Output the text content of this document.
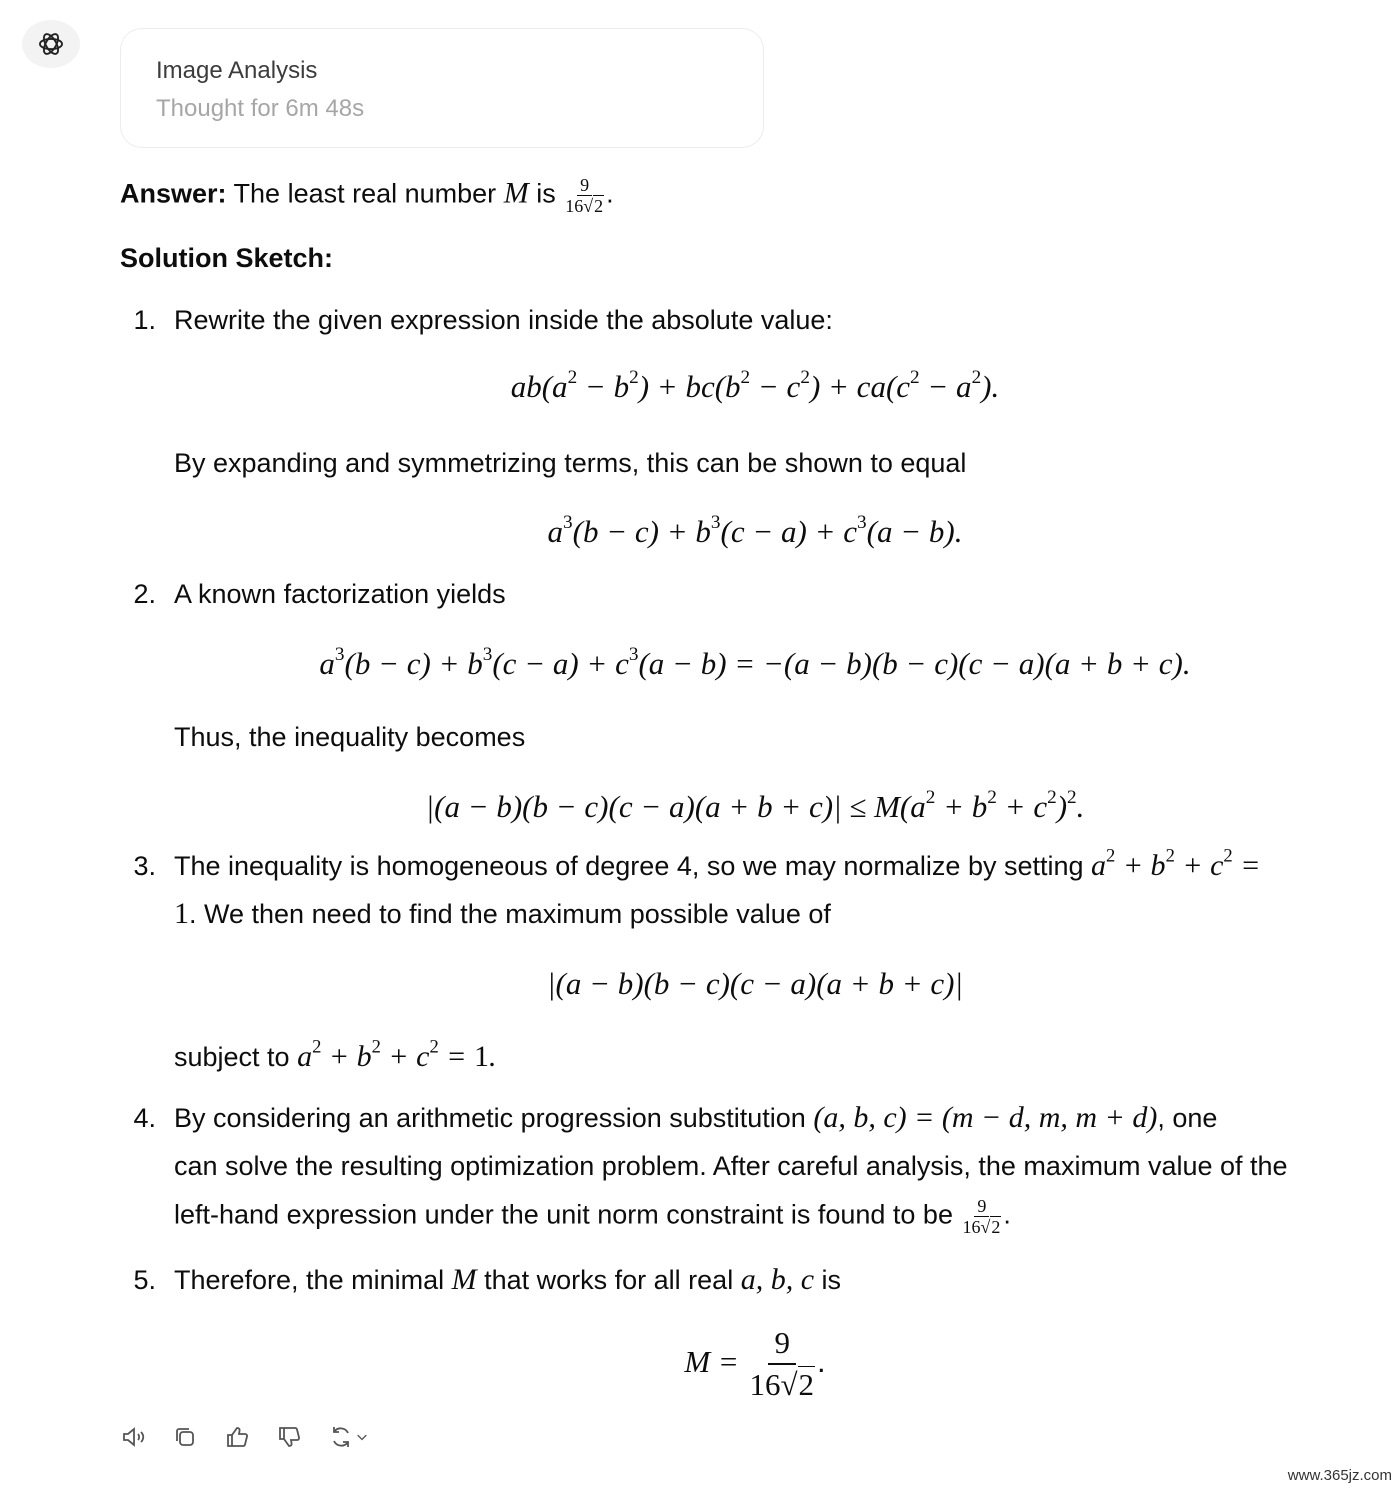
Image Analysis
Thought for 6m 48s
Answer: The least real number M is $\frac{9}{16√2}$ .
Solution Sketch:
1. Rewrite the given expression inside the absolute value:
$ab(a^2 - b^2) + bc(b^2 - c^2) + ca(c^2 - a^2)$.
By expanding and symmetrizing terms, this can be shown to equal
$a^3(b - c) + b^3(c - a) + c^3(a - b)$.
2. A known factorization yields
$a^3(b - c) + b^3(c - a) + c^3(a - b) = -(a - b)(b - c)(c - a)(a + b + c)$.
Thus, the inequality becomes
$|(a - b)(b - c)(c - a)(a + b + c)| \le M(a^2 + b^2 + c^2)^2$.
3. The inequality is homogeneous of degree 4, so we may normalize by setting $a^2 + b^2 + c^2$ =
1. We then need to find the maximum possible value of
|(a − b)(b − c)(c − a)(a + b + c)|
subject to $a^2 + b^2 + c^2 = 1$.
4. By considering an arithmetic progression substitution (a, b, c) = (m − d, m, m + d), one
can solve the resulting optimization problem. After careful analysis, the maximum value of the
left-hand expression under the unit norm constraint is found to be $\frac{9}{16√2}$ .
5. Therefore, the minimal M that works for all real a, b, c is
$M = \frac{9}{16√2}$ .
www.365jz.com
